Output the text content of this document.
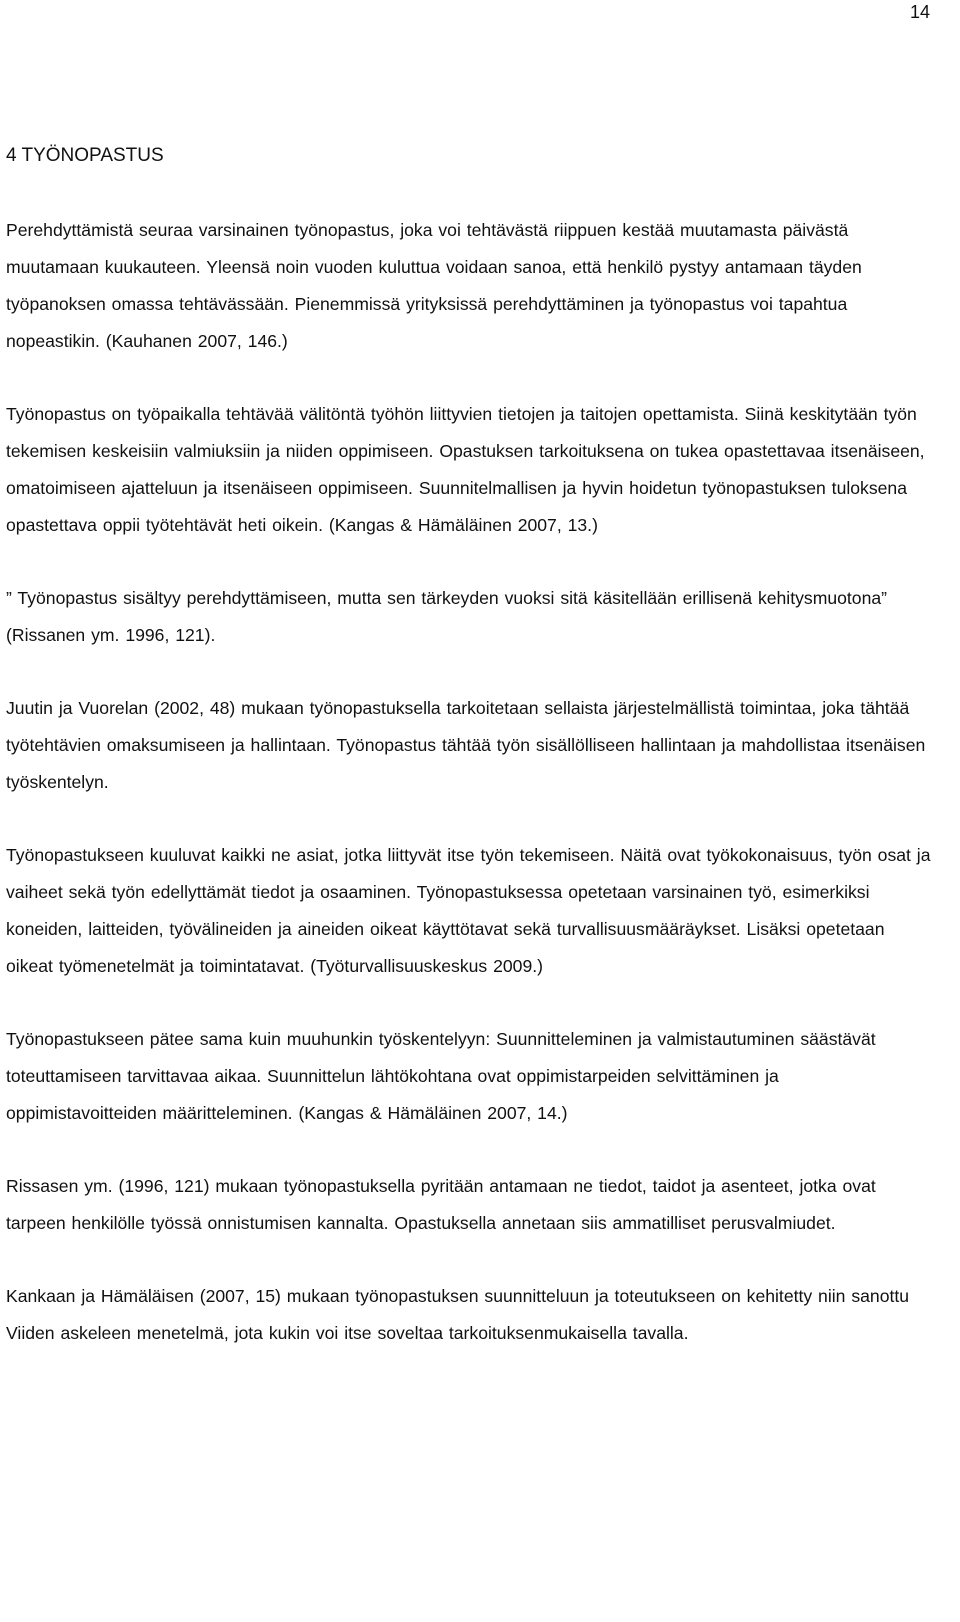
14

4 TYÖNOPASTUS

Perehdyttämistä seuraa varsinainen työnopastus, joka voi tehtävästä riippuen kestää muutamasta päivästä muutamaan kuukauteen. Yleensä noin vuoden kuluttua voidaan sanoa, että henkilö pystyy antamaan täyden työpanoksen omassa tehtävässään. Pienemmissä yrityksissä perehdyttäminen ja työnopastus voi tapahtua nopeastikin. (Kauhanen 2007, 146.)

Työnopastus on työpaikalla tehtävää välitöntä työhön liittyvien tietojen ja taitojen opettamista. Siinä keskitytään työn tekemisen keskeisiin valmiuksiin ja niiden oppimiseen. Opastuksen tarkoituksena on tukea opastettavaa itsenäiseen, omatoimiseen ajatteluun ja itsenäiseen oppimiseen. Suunnitelmallisen ja hyvin hoidetun työnopastuksen tuloksena opastettava oppii työtehtävät heti oikein. (Kangas & Hämäläinen 2007, 13.)

” Työnopastus sisältyy perehdyttämiseen, mutta sen tärkeyden vuoksi sitä käsitellään erillisenä kehitysmuotona” (Rissanen ym. 1996, 121).

Juutin ja Vuorelan (2002, 48) mukaan työnopastuksella tarkoitetaan sellaista järjestelmällistä toimintaa, joka tähtää työtehtävien omaksumiseen ja hallintaan. Työnopastus tähtää työn sisällölliseen hallintaan ja mahdollistaa itsenäisen työskentelyn.

Työnopastukseen kuuluvat kaikki ne asiat, jotka liittyvät itse työn tekemiseen. Näitä ovat työkokonaisuus, työn osat ja vaiheet sekä työn edellyttämät tiedot ja osaaminen. Työnopastuksessa opetetaan varsinainen työ, esimerkiksi koneiden, laitteiden, työvälineiden ja aineiden oikeat käyttötavat sekä turvallisuusmääräykset. Lisäksi opetetaan oikeat työmenetelmät ja toimintatavat. (Työturvallisuuskeskus 2009.)

Työnopastukseen pätee sama kuin muuhunkin työskentelyyn: Suunnitteleminen ja valmistautuminen säästävät toteuttamiseen tarvittavaa aikaa. Suunnittelun lähtökohtana ovat oppimistarpeiden selvittäminen ja oppimistavoitteiden määritteleminen. (Kangas & Hämäläinen 2007, 14.)

Rissasen ym. (1996, 121) mukaan työnopastuksella pyritään antamaan ne tiedot, taidot ja asenteet, jotka ovat tarpeen henkilölle työssä onnistumisen kannalta. Opastuksella annetaan siis ammatilliset perusvalmiudet.

Kankaan ja Hämäläisen (2007, 15) mukaan työnopastuksen suunnitteluun ja toteutukseen on kehitetty niin sanottu Viiden askeleen menetelmä, jota kukin voi itse soveltaa tarkoituksenmukaisella tavalla.
